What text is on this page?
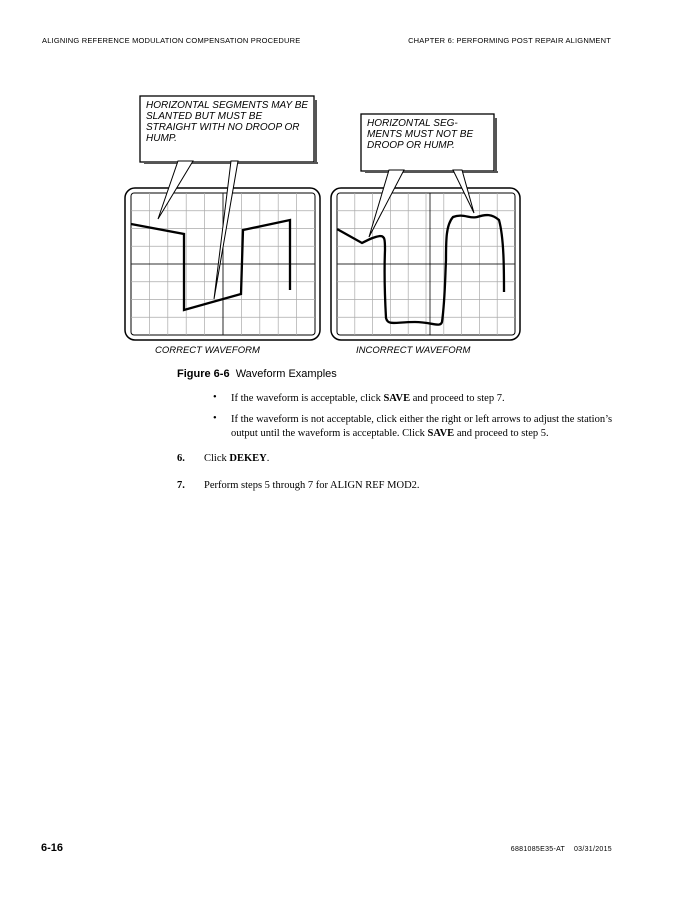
ALIGNING REFERENCE MODULATION COMPENSATION PROCEDURE	CHAPTER 6: PERFORMING POST REPAIR ALIGNMENT
HORIZONTAL SEGMENTS MAY BE SLANTED BUT MUST BE STRAIGHT WITH NO DROOP OR HUMP.
HORIZONTAL SEG-MENTS MUST NOT BE DROOP OR HUMP.
CORRECT WAVEFORM	INCORRECT WAVEFORM
Figure 6-6 Waveform Examples
• If the waveform is acceptable, click SAVE and proceed to step 7.
• If the waveform is not acceptable, click either the right or left arrows to adjust the station’s output until the waveform is acceptable. Click SAVE and proceed to step 5.
6. Click DEKEY.
7. Perform steps 5 through 7 for ALIGN REF MOD2.
6-16	6881085E35-AT    03/31/2015
